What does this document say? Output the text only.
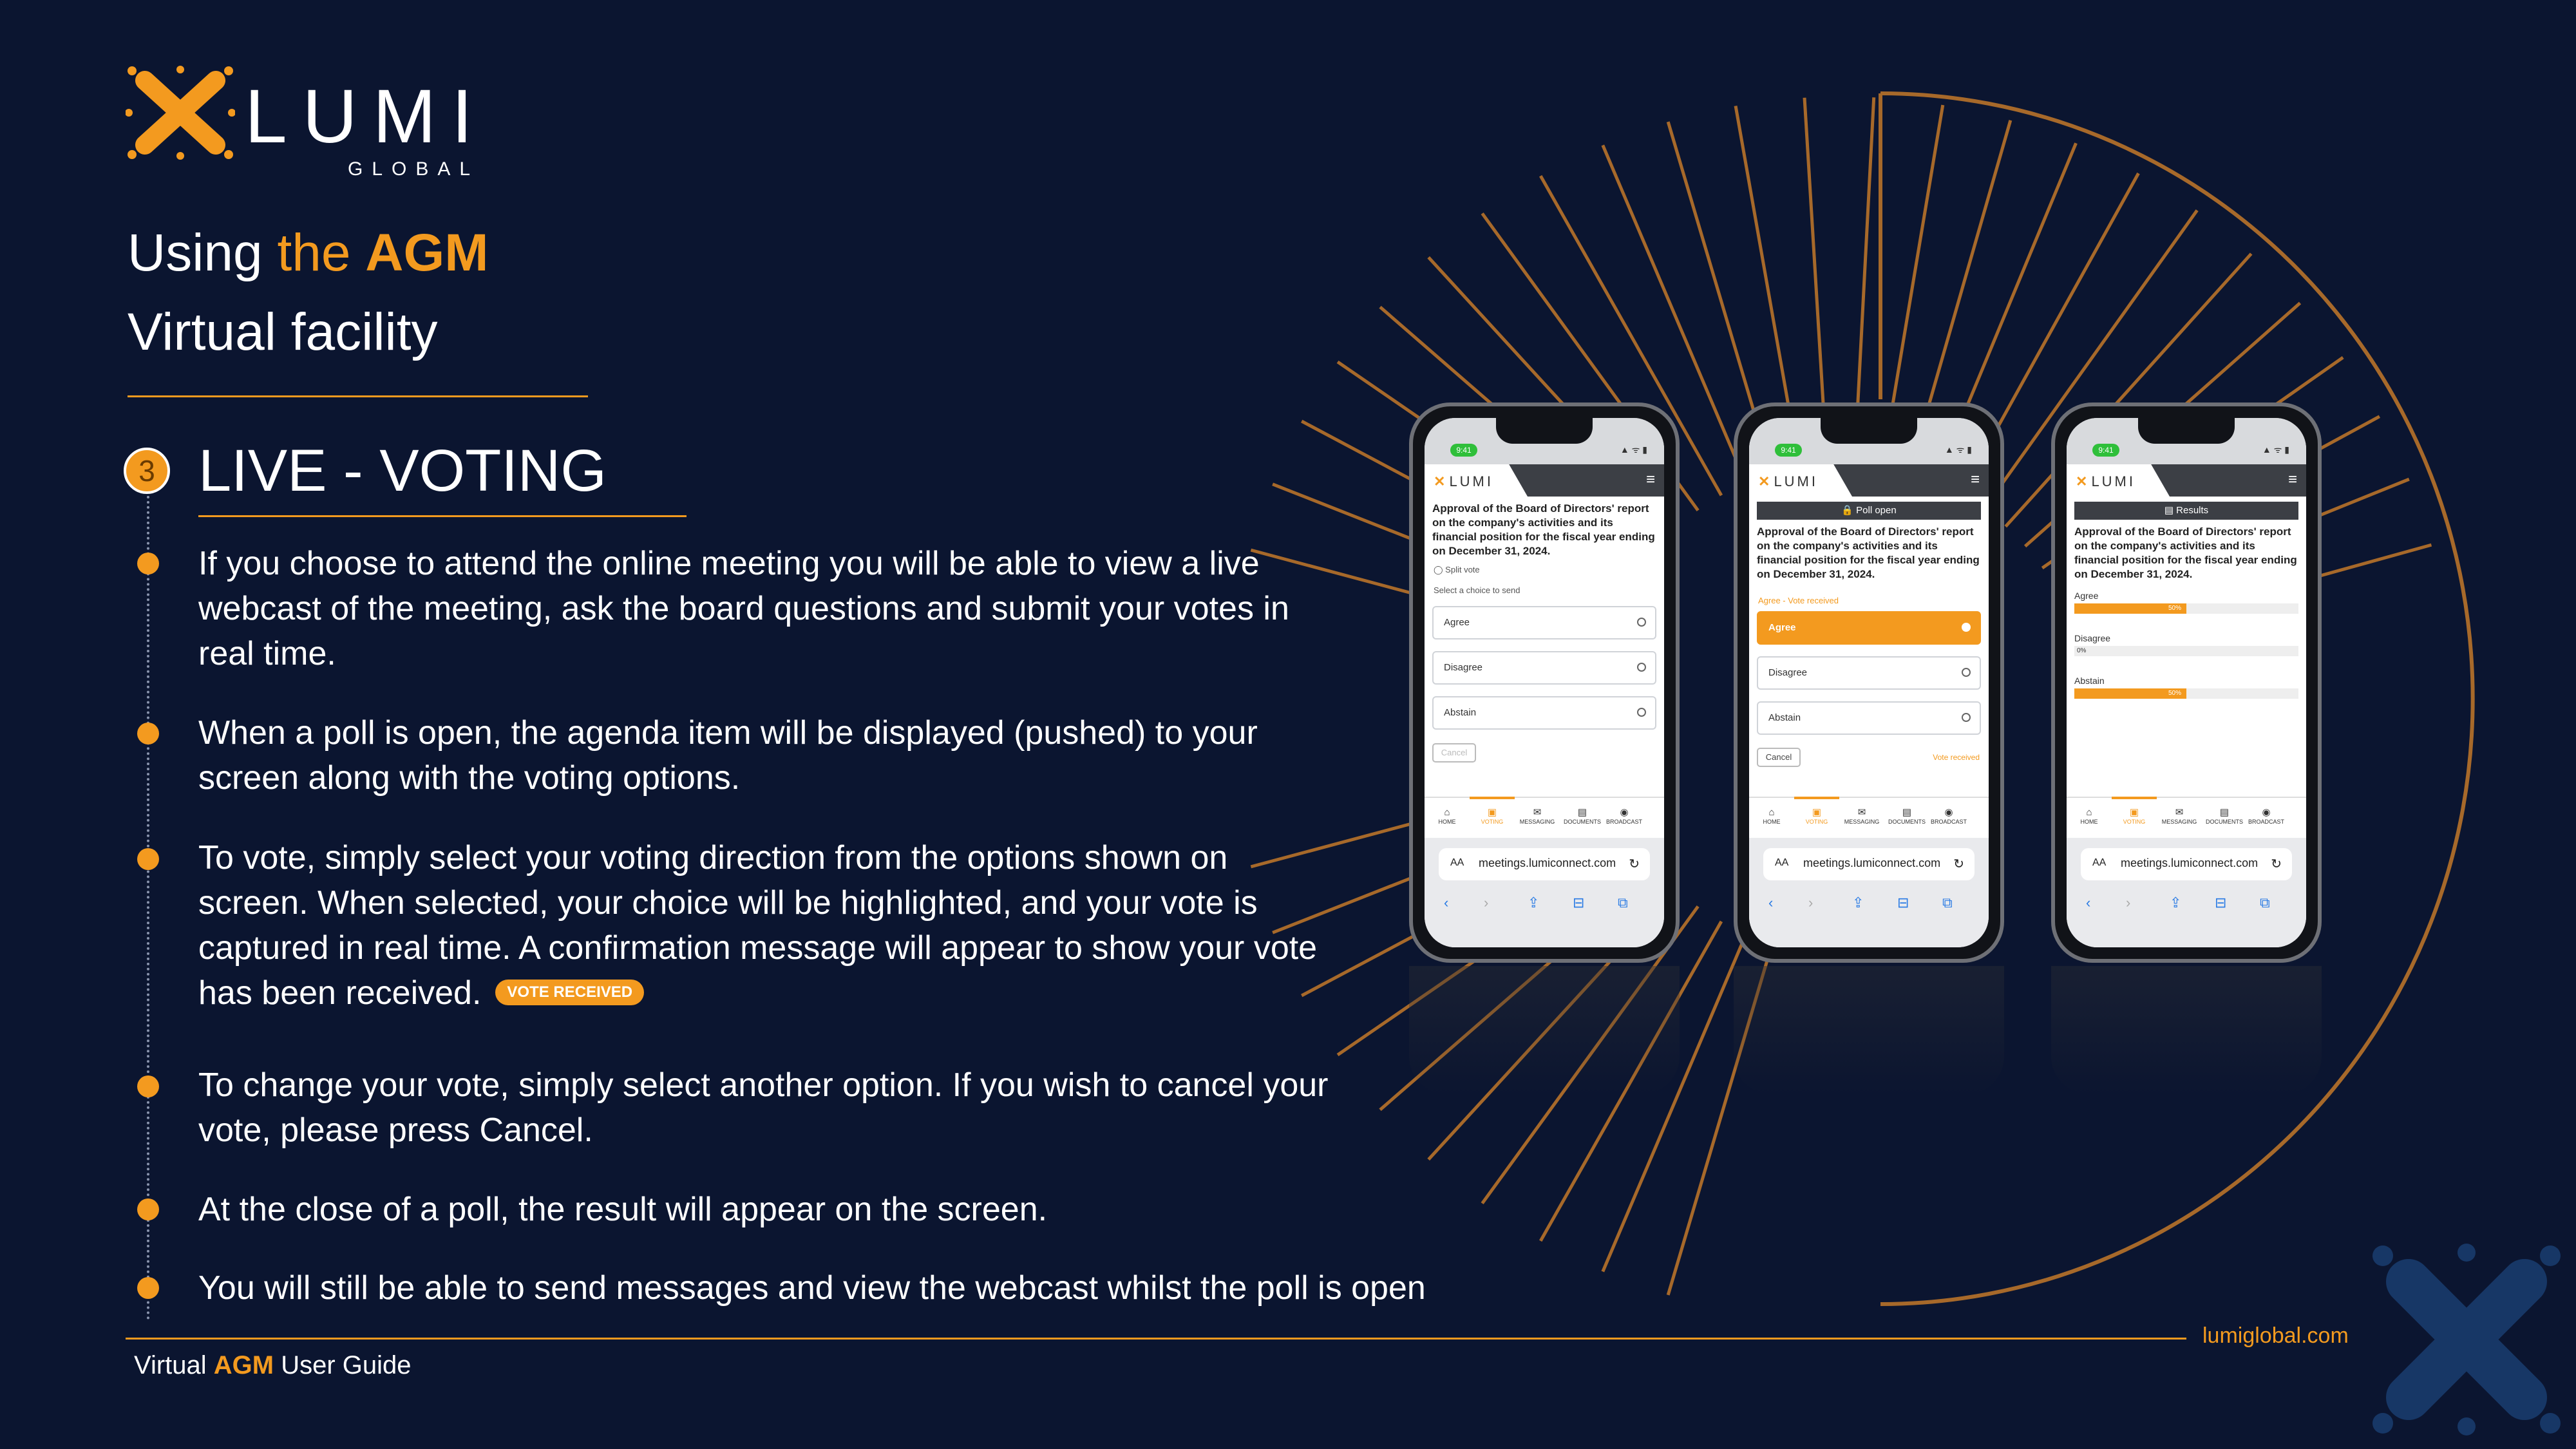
LUMI
GLOBAL
Using the AGM
Virtual facility
3 LIVE - VOTING
If you choose to attend the online meeting you will be able to view a live webcast of the meeting, ask the board questions and submit your votes in real time.
When a poll is open, the agenda item will be displayed (pushed) to your screen along with the voting options.
To vote, simply select your voting direction from the options shown on screen. When selected, your choice will be highlighted, and your vote is captured in real time. A confirmation message will appear to show your vote has been received. VOTE RECEIVED
To change your vote, simply select another option. If you wish to cancel your vote, please press Cancel.
At the close of a poll, the result will appear on the screen.
You will still be able to send messages and view the webcast whilst the poll is open
9:41	▲ ᯤ ▮
✕ LUMI	≡
Approval of the Board of Directors' report on the company's activities and its financial position for the fiscal year ending on December 31, 2024.
◯ Split vote
Select a choice to send
Agree
Disagree
Abstain
Cancel
⌂
HOME
▣
VOTING
✉
MESSAGING
▤
DOCUMENTS
◉
BROADCAST
AA meetings.lumiconnect.com ↻
‹ ›	⇪ ⊟ ⧉
9:41	▲ ᯤ ▮
✕ LUMI	≡
🔒 Poll open
Approval of the Board of Directors' report on the company's activities and its financial position for the fiscal year ending on December 31, 2024.
Agree - Vote received
Agree
Disagree
Abstain
Cancel	Vote received
⌂
HOME
▣
VOTING
✉
MESSAGING
▤
DOCUMENTS
◉
BROADCAST
AA meetings.lumiconnect.com ↻
‹ ›	⇪ ⊟ ⧉
9:41	▲ ᯤ ▮
✕ LUMI	≡
▤ Results
Approval of the Board of Directors' report on the company's activities and its financial position for the fiscal year ending on December 31, 2024.
Agree
50%
Disagree
0%
Abstain
50%
⌂
HOME
▣
VOTING
✉
MESSAGING
▤
DOCUMENTS
◉
BROADCAST
AA meetings.lumiconnect.com ↻
‹ ›	⇪ ⊟ ⧉
Virtual AGM User Guide
lumiglobal.com
